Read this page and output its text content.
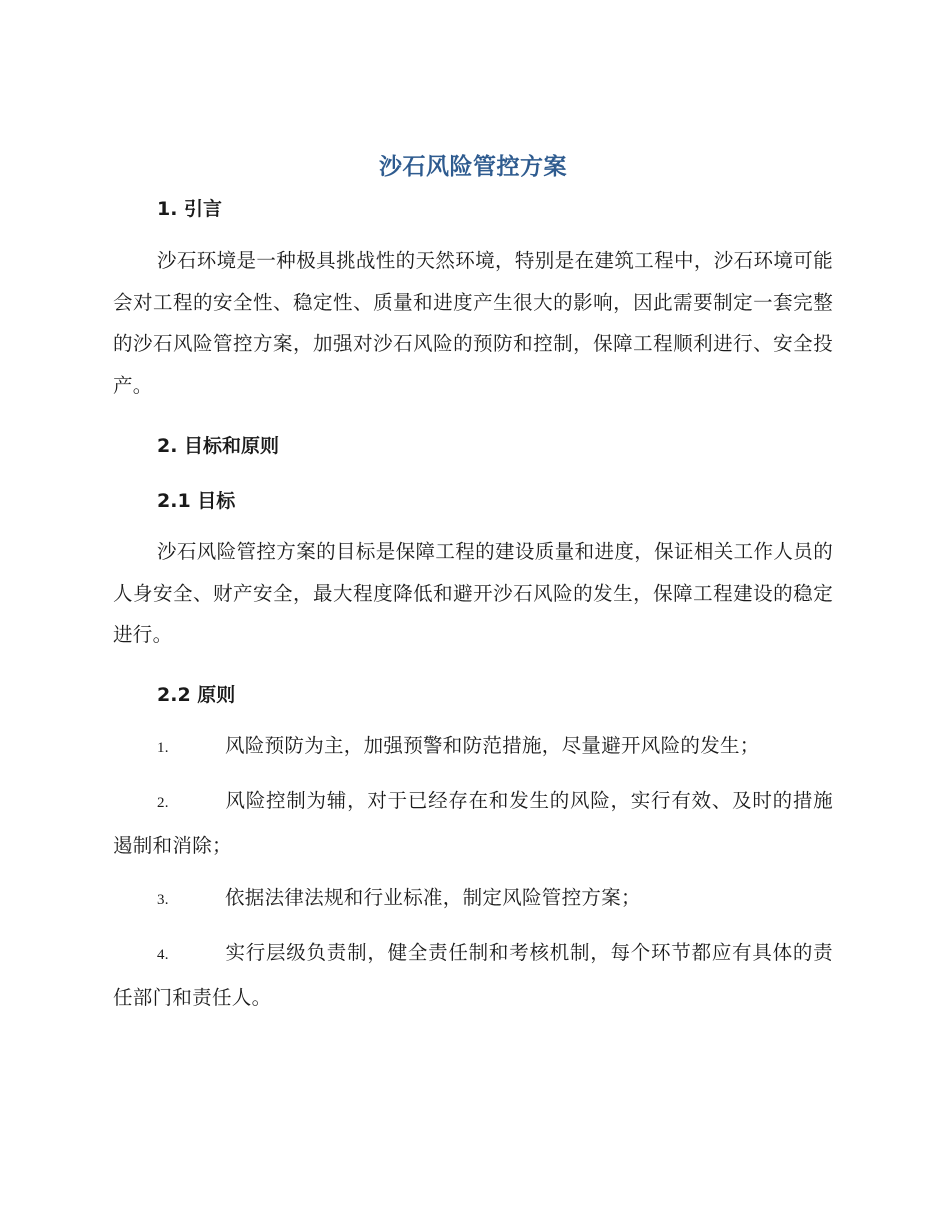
沙石风险管控方案
1. 引言
沙石环境是一种极具挑战性的天然环境，特别是在建筑工程中，沙石环境可能会对工程的安全性、稳定性、质量和进度产生很大的影响，因此需要制定一套完整的沙石风险管控方案，加强对沙石风险的预防和控制，保障工程顺利进行、安全投产。
2. 目标和原则
2.1 目标
沙石风险管控方案的目标是保障工程的建设质量和进度，保证相关工作人员的人身安全、财产安全，最大程度降低和避开沙石风险的发生，保障工程建设的稳定进行。
2.2 原则
1.	风险预防为主，加强预警和防范措施，尽量避开风险的发生；
2.	风险控制为辅，对于已经存在和发生的风险，实行有效、及时的措施遏制和消除；
3.	依据法律法规和行业标准，制定风险管控方案；
4.	实行层级负责制，健全责任制和考核机制，每个环节都应有具体的责任部门和责任人。
